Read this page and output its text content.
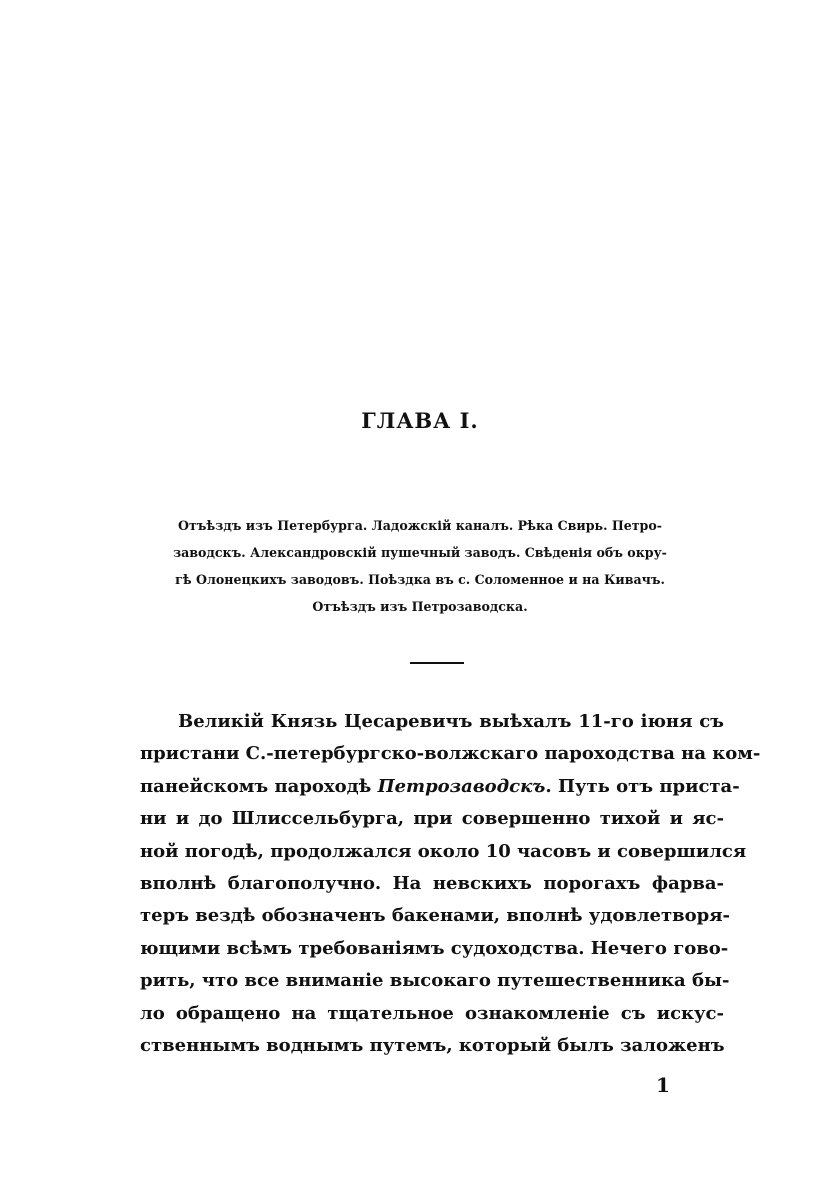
ГЛАВА I.

Отъѣздъ изъ Петербурга. Ладожскій каналъ. Рѣка Свирь. Петро-
заводскъ. Александровскій пушечный заводъ. Свѣденія объ окру-
гѣ Олонецкихъ заводовъ. Поѣздка въ с. Соломенное и на Кивачъ.
Отъѣздъ изъ Петрозаводска.

Великій Князь Цесаревичъ выѣхалъ 11-го іюня съ
пристани С.-петербургско-волжскаго пароходства на ком-
панейскомъ пароходѣ Петрозаводскъ. Путь отъ приста-
ни и до Шлиссельбурга, при совершенно тихой и яс-
ной погодѣ, продолжался около 10 часовъ и совершился
вполнѣ благополучно. На невскихъ порогахъ фарва-
теръ вездѣ обозначенъ бакенами, вполнѣ удовлетворя-
ющими всѣмъ требованіямъ судоходства. Нечего гово-
рить, что все вниманіе высокаго путешественника бы-
ло обращено на тщательное ознакомленіе съ искус-
ственнымъ воднымъ путемъ, который былъ заложенъ

1
